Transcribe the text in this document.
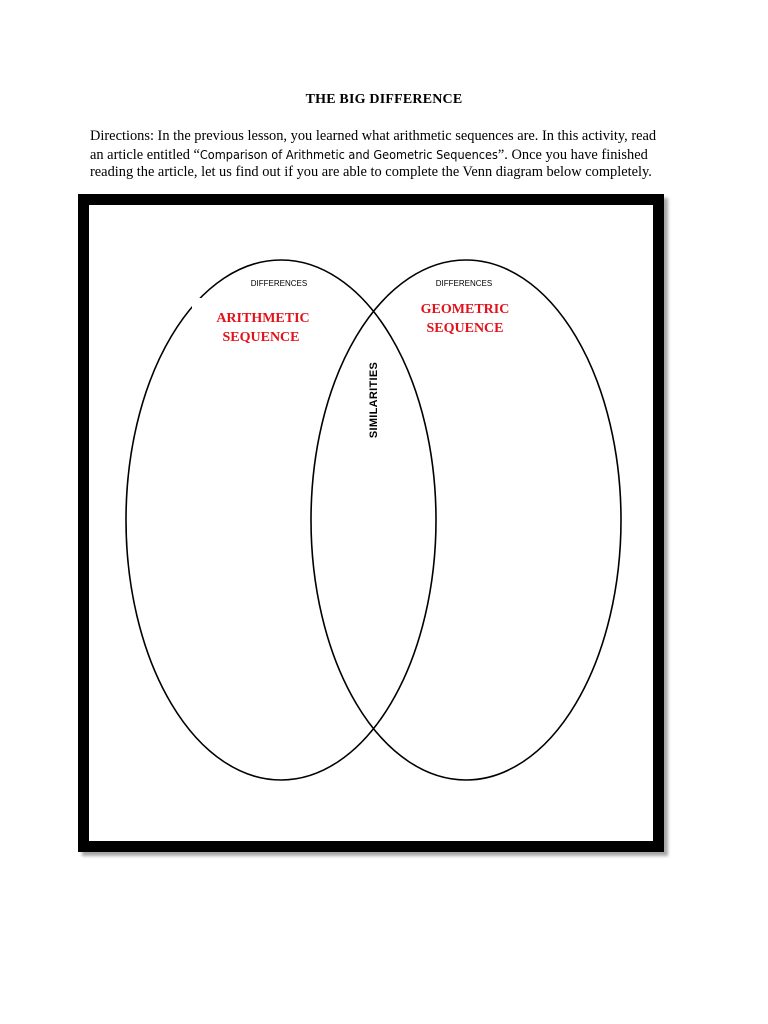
THE BIG DIFFERENCE
Directions: In the previous lesson, you learned what arithmetic sequences are. In this activity, read
an article entitled “Comparison of Arithmetic and Geometric Sequences”. Once you have finished
reading the article, let us find out if you are able to complete the Venn diagram below completely.
DIFFERENCES
ARITHMETIC
SEQUENCE
DIFFERENCES
GEOMETRIC
SEQUENCE
SIMILARITIES
